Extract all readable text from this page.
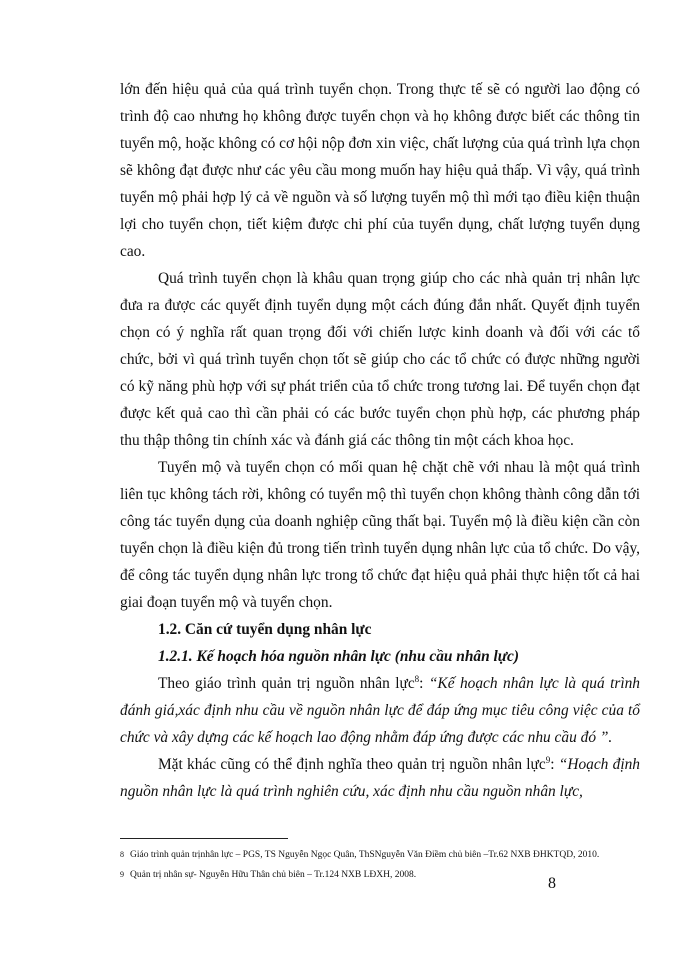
lớn đến hiệu quả của quá trình tuyển chọn. Trong thực tế sẽ có người lao động có trình độ cao nhưng họ không được tuyển chọn và họ không được biết các thông tin tuyển mộ, hoặc không có cơ hội nộp đơn xin việc, chất lượng của quá trình lựa chọn sẽ không đạt được như các yêu cầu mong muốn hay hiệu quả thấp. Vì vậy, quá trình tuyển mộ phải hợp lý cả về nguồn và số lượng tuyển mộ thì mới tạo điều kiện thuận lợi cho tuyển chọn, tiết kiệm được chi phí của tuyển dụng, chất lượng tuyển dụng cao.

Quá trình tuyển chọn là khâu quan trọng giúp cho các nhà quản trị nhân lực đưa ra được các quyết định tuyển dụng một cách đúng đắn nhất. Quyết định tuyển chọn có ý nghĩa rất quan trọng đối với chiến lược kinh doanh và đối với các tổ chức, bởi vì quá trình tuyển chọn tốt sẽ giúp cho các tổ chức có được những người có kỹ năng phù hợp với sự phát triển của tổ chức trong tương lai. Để tuyển chọn đạt được kết quả cao thì cần phải có các bước tuyển chọn phù hợp, các phương pháp thu thập thông tin chính xác và đánh giá các thông tin một cách khoa học.

Tuyển mộ và tuyển chọn có mối quan hệ chặt chẽ với nhau là một quá trình liên tục không tách rời, không có tuyển mộ thì tuyển chọn không thành công dẫn tới công tác tuyển dụng của doanh nghiệp cũng thất bại. Tuyển mộ là điều kiện cần còn tuyển chọn là điều kiện đủ trong tiến trình tuyển dụng nhân lực của tổ chức. Do vậy, để công tác tuyển dụng nhân lực trong tổ chức đạt hiệu quả phải thực hiện tốt cả hai giai đoạn tuyển mộ và tuyển chọn.

1.2. Căn cứ tuyển dụng nhân lực

1.2.1. Kế hoạch hóa nguồn nhân lực (nhu cầu nhân lực)

Theo giáo trình quản trị nguồn nhân lực$^8$: “Kế hoạch nhân lực là quá trình đánh giá,xác định nhu cầu về nguồn nhân lực để đáp ứng mục tiêu công việc của tổ chức và xây dựng các kế hoạch lao động nhằm đáp ứng được các nhu cầu đó ”.

Mặt khác cũng có thể định nghĩa theo quản trị nguồn nhân lực$^9$: “Hoạch định nguồn nhân lực là quá trình nghiên cứu, xác định nhu cầu nguồn nhân lực,

8 Giáo trình quản trịnhân lực – PGS, TS Nguyễn Ngọc Quân, ThSNguyễn Văn Điềm chủ biên –Tr.62 NXB ĐHKTQD, 2010.

9 Quản trị nhân sự- Nguyễn Hữu Thân chủ biên – Tr.124 NXB LĐXH, 2008.	8
